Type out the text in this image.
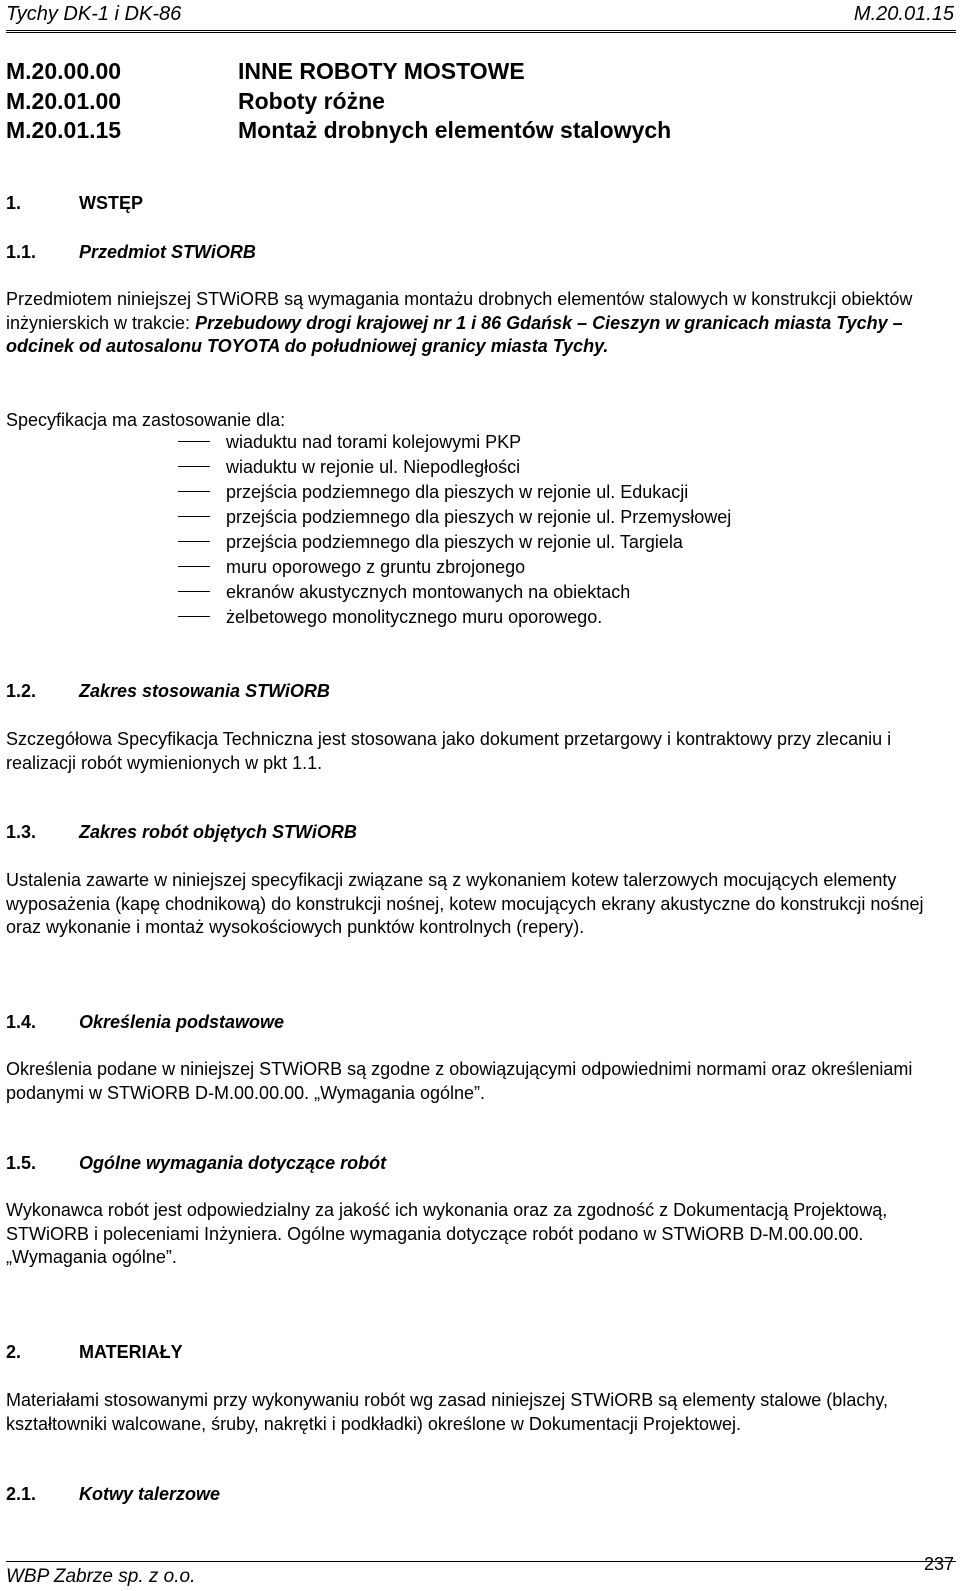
Tychy DK-1 i DK-86	M.20.01.15
M.20.00.00	INNE ROBOTY MOSTOWE
M.20.01.00	Roboty różne
M.20.01.15	Montaż drobnych elementów stalowych
1.	WSTĘP
1.1. Przedmiot STWiORB

Przedmiotem niniejszej STWiORB są wymagania montażu drobnych elementów stalowych w konstrukcji obiektów inżynierskich w trakcie: Przebudowy drogi krajowej nr 1 i 86 Gdańsk – Cieszyn w granicach miasta Tychy – odcinek od autosalonu TOYOTA do południowej granicy miasta Tychy.

Specyfikacja ma zastosowanie dla:

wiaduktu nad torami kolejowymi PKP
wiaduktu w rejonie ul. Niepodległości
przejścia podziemnego dla pieszych w rejonie ul. Edukacji
przejścia podziemnego dla pieszych w rejonie ul. Przemysłowej
przejścia podziemnego dla pieszych w rejonie ul. Targiela
muru oporowego z gruntu zbrojonego
ekranów akustycznych montowanych na obiektach
żelbetowego monolitycznego muru oporowego.
1.2. Zakres stosowania STWiORB

Szczegółowa Specyfikacja Techniczna jest stosowana jako dokument przetargowy i kontraktowy przy zlecaniu i realizacji robót wymienionych w pkt 1.1.

1.3. Zakres robót objętych STWiORB

Ustalenia zawarte w niniejszej specyfikacji związane są z wykonaniem kotew talerzowych mocujących elementy wyposażenia (kapę chodnikową) do konstrukcji nośnej, kotew mocujących ekrany akustyczne do konstrukcji nośnej oraz wykonanie i montaż wysokościowych punktów kontrolnych (repery).

1.4. Określenia podstawowe

Określenia podane w niniejszej STWiORB są zgodne z obowiązującymi odpowiednimi normami oraz określeniami podanymi w STWiORB D-M.00.00.00. „Wymagania ogólne”.

1.5. Ogólne wymagania dotyczące robót

Wykonawca robót jest odpowiedzialny za jakość ich wykonania oraz za zgodność z Dokumentacją Projektową, STWiORB i poleceniami Inżyniera. Ogólne wymagania dotyczące robót podano w STWiORB D-M.00.00.00. „Wymagania ogólne”.

2.	MATERIAŁY

Materiałami stosowanymi przy wykonywaniu robót wg zasad niniejszej STWiORB są elementy stalowe (blachy, kształtowniki walcowane, śruby, nakrętki i podkładki) określone w Dokumentacji Projektowej.

2.1. Kotwy talerzowe
WBP Zabrze sp. z o.o.
237
